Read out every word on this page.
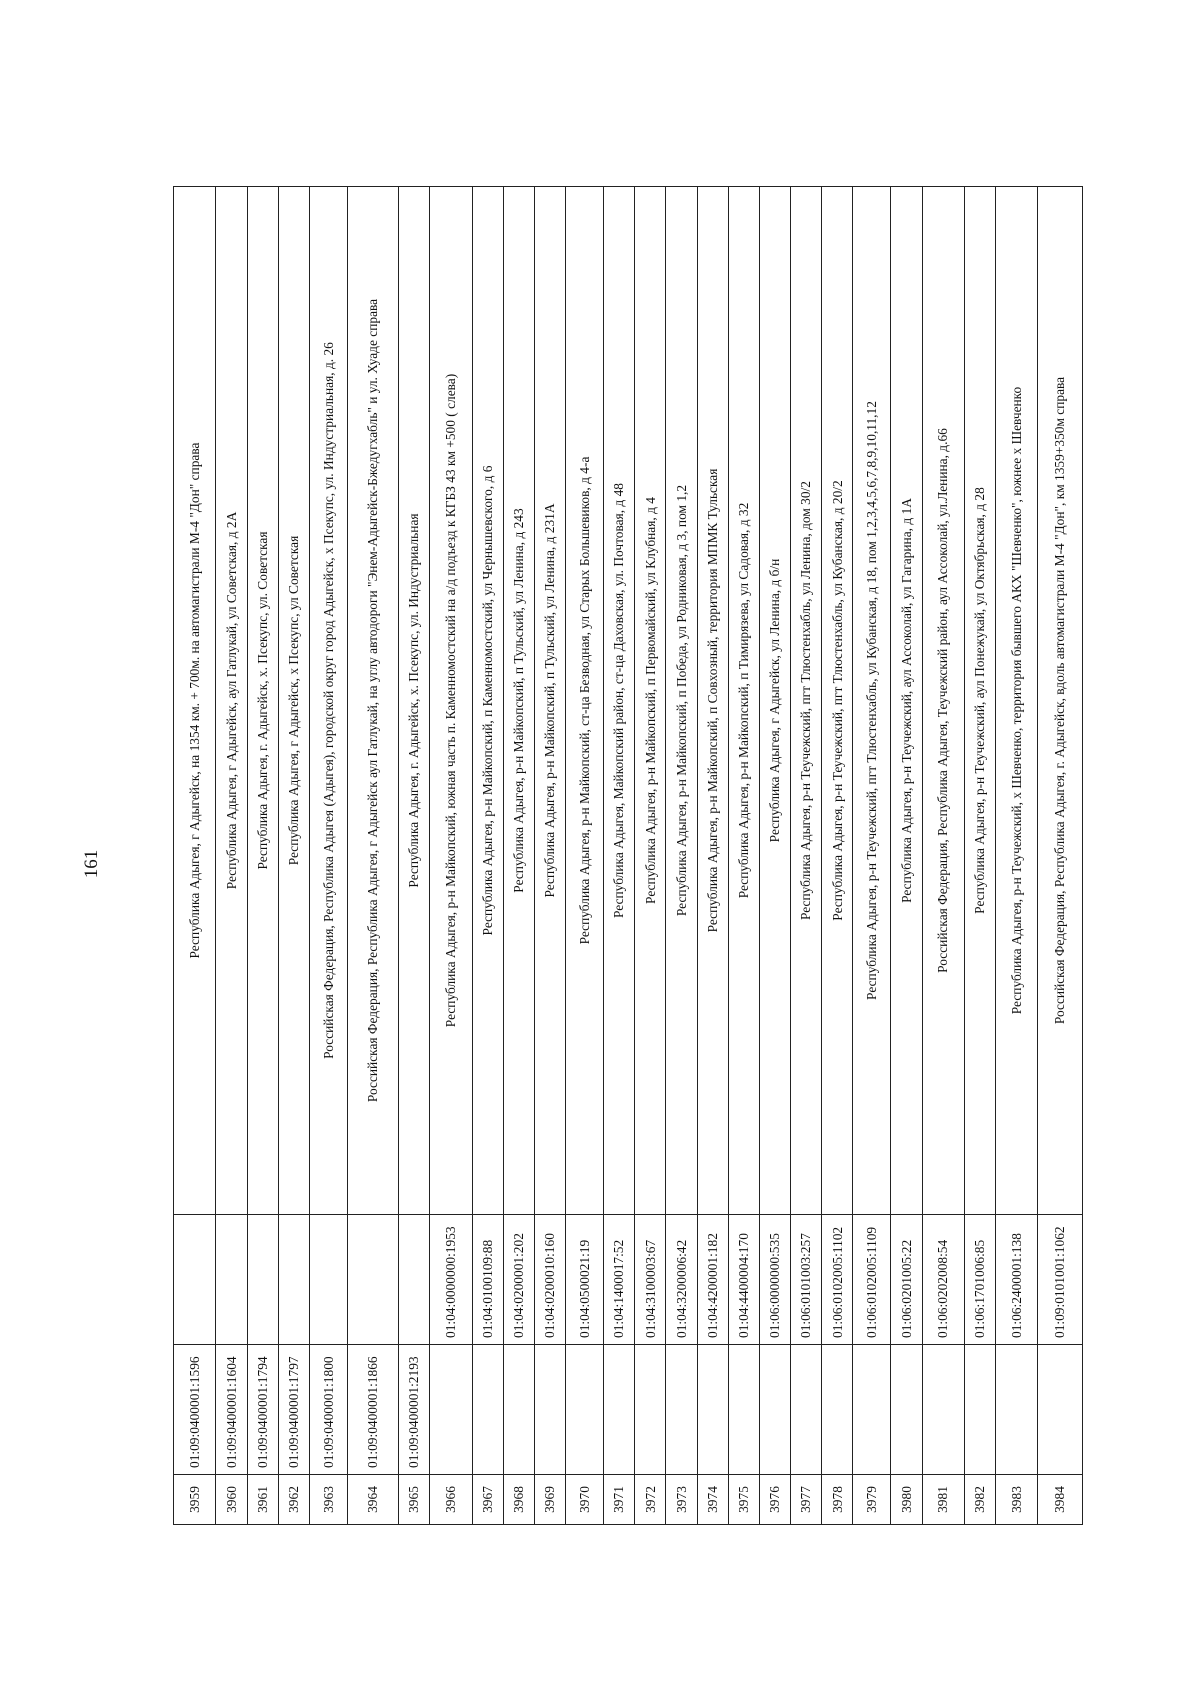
161
3959	01:09:0400001:1596		Республика Адыгея, г Адыгейск, на 1354 км. + 700м. на автомагистрали М-4 "Дон" справа
3960	01:09:0400001:1604		Республика Адыгея, г Адыгейск, аул Гатлукай, ул Советская, д 2А
3961	01:09:0400001:1794		Республика Адыгея, г. Адыгейск, х. Псекупс, ул. Советская
3962	01:09:0400001:1797		Республика Адыгея, г Адыгейск, х Псекупс, ул Советская
3963	01:09:0400001:1800		Российская Федерация, Республика Адыгея (Адыгея), городской округ город Адыгейск, х Псекупс, ул. Индустриальная, д. 26
3964	01:09:0400001:1866		Российская Федерация, Республика Адыгея, г Адыгейск аул Гатлукай, на углу автодороги "Энем-Адыгейск-Бжедугхабль" и ул. Хуаде справа
3965	01:09:0400001:2193		Республика Адыгея, г. Адыгейск, х. Псекупс, ул. Индустриальная
3966		01:04:0000000:1953	Республика Адыгея, р-н Майкопский, южная часть п. Каменномостский на а/д подъезд к КГБЗ 43 км +500 ( слева)
3967		01:04:0100109:88	Республика Адыгея, р-н Майкопский, п Каменномостский, ул Чернышевского, д 6
3968		01:04:0200001:202	Республика Адыгея, р-н Майкопский, п Тульский, ул Ленина, д 243
3969		01:04:0200010:160	Республика Адыгея, р-н Майкопский, п Тульский, ул Ленина, д 231А
3970		01:04:0500021:19	Республика Адыгея, р-н Майкопский, ст-ца Безводная, ул Старых Большевиков, д 4-а
3971		01:04:1400017:52	Республика Адыгея, Майкопский район, ст-ца Даховская, ул. Почтовая, д 48
3972		01:04:3100003:67	Республика Адыгея, р-н Майкопский, п Первомайский, ул Клубная, д 4
3973		01:04:3200006:42	Республика Адыгея, р-н Майкопский, п Победа, ул Родниковая, д 3, пом 1,2
3974		01:04:4200001:182	Республика Адыгея, р-н Майкопский, п Совхозный, территория МПМК Тульская
3975		01:04:4400004:170	Республика Адыгея, р-н Майкопский, п Тимирязева, ул Садовая, д 32
3976		01:06:0000000:535	Республика Адыгея, г Адыгейск, ул Ленина, д б/н
3977		01:06:0101003:257	Республика Адыгея, р-н Теучежский, пгт Тлюстенхабль, ул Ленина, дом 30/2
3978		01:06:0102005:1102	Республика Адыгея, р-н Теучежский, пгт Тлюстенхабль, ул Кубанская, д 20/2
3979		01:06:0102005:1109	Республика Адыгея, р-н Теучежский, пгт Тлюстенхабль, ул Кубанская, д 18, пом 1,2,3,4,5,6,7,8,9,10,11,12
3980		01:06:0201005:22	Республика Адыгея, р-н Теучежский, аул Ассоколай, ул Гагарина, д 1А
3981		01:06:0202008:54	Российская Федерация, Республика Адыгея, Теучежский район, аул Ассоколай, ул.Ленина, д.66
3982		01:06:1701006:85	Республика Адыгея, р-н Теучежский, аул Понежукай, ул Октябрьская, д 28
3983		01:06:2400001:138	Республика Адыгея, р-н Теучежский, х Шевченко, территория бывшего АКХ "Шевченко", южнее х Шевченко
3984		01:09:0101001:1062	Российская Федерация, Республика Адыгея, г. Адыгейск, вдоль автомагистрали М-4 "Дон", км 1359+350м справа
